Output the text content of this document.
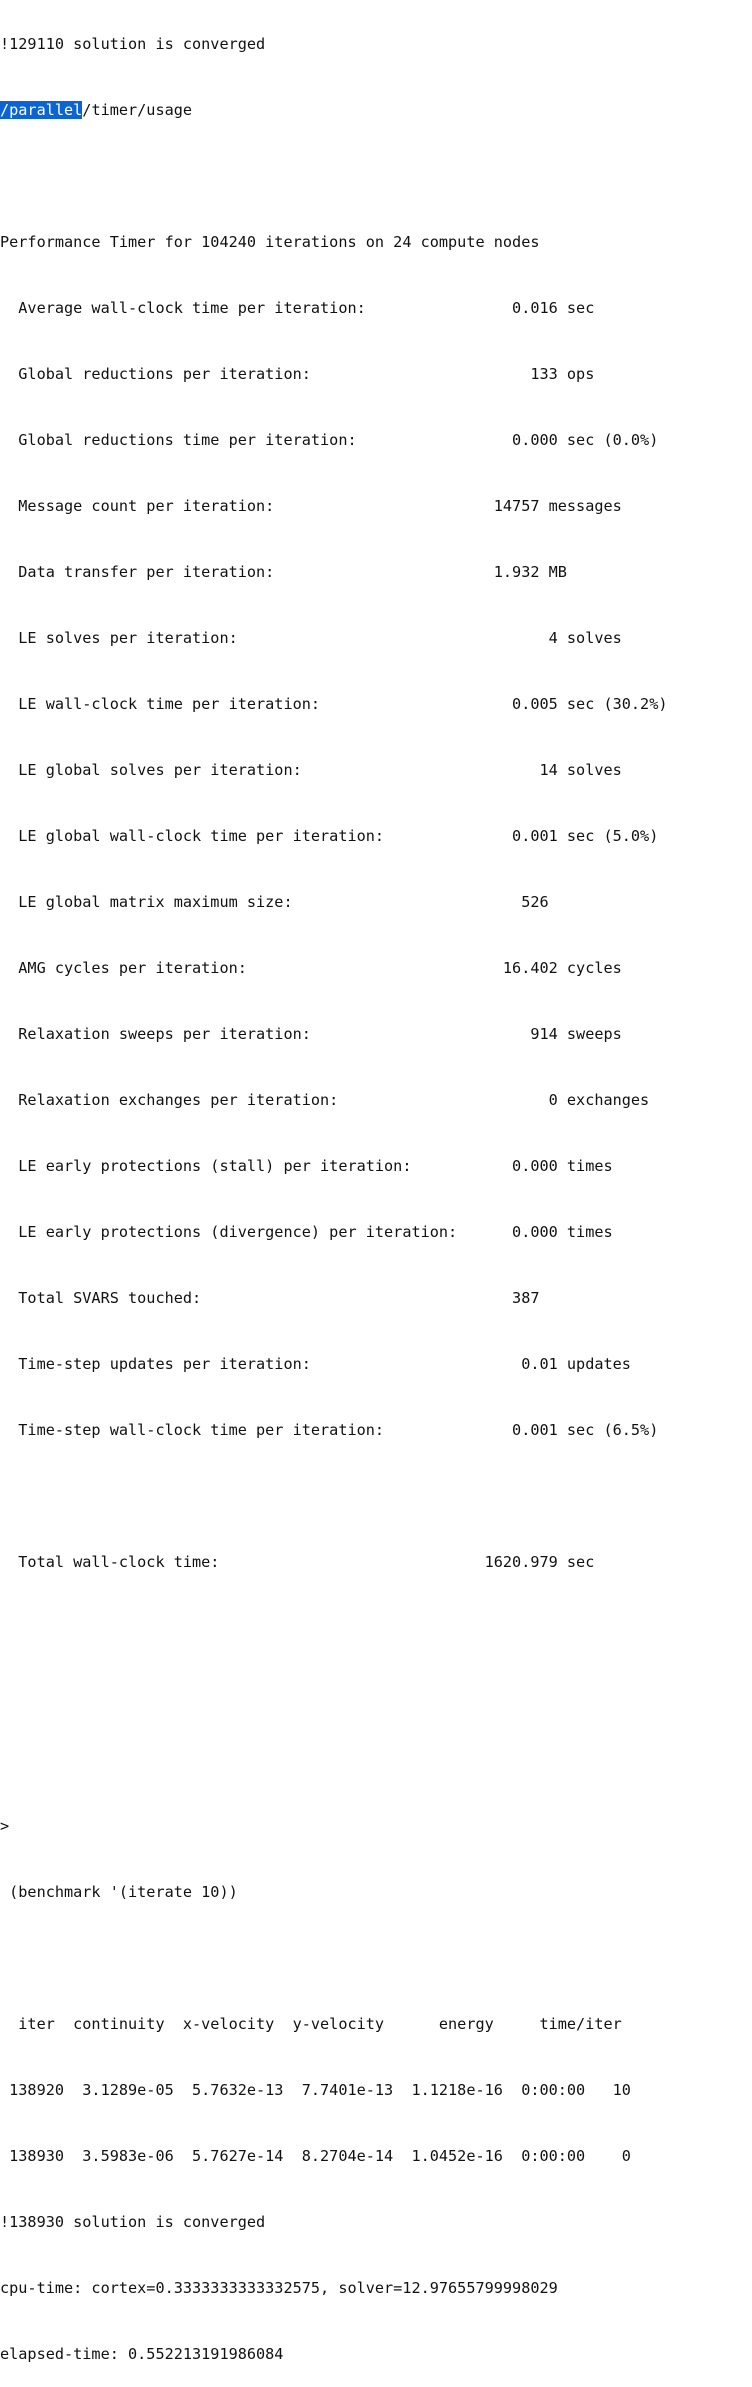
!129110 solution is converged

/parallel/timer/usage

Performance Timer for 104240 iterations on 24 compute nodes

Average wall-clock time per iteration:                0.016 sec

Global reductions per iteration:                        133 ops

Global reductions time per iteration:                 0.000 sec (0.0%)

Message count per iteration:                        14757 messages

Data transfer per iteration:                        1.932 MB

LE solves per iteration:                                  4 solves

LE wall-clock time per iteration:                     0.005 sec (30.2%)

LE global solves per iteration:                          14 solves

LE global wall-clock time per iteration:              0.001 sec (5.0%)

LE global matrix maximum size:                         526

AMG cycles per iteration:                            16.402 cycles

Relaxation sweeps per iteration:                        914 sweeps

Relaxation exchanges per iteration:                       0 exchanges

LE early protections (stall) per iteration:           0.000 times

LE early protections (divergence) per iteration:      0.000 times

Total SVARS touched:                                  387

Time-step updates per iteration:                       0.01 updates

Time-step wall-clock time per iteration:              0.001 sec (6.5%)

Total wall-clock time:                             1620.979 sec

>

(benchmark '(iterate 10))

iter  continuity  x-velocity  y-velocity      energy     time/iter

138920  3.1289e-05  5.7632e-13  7.7401e-13  1.1218e-16  0:00:00   10

138930  3.5983e-06  5.7627e-14  8.2704e-14  1.0452e-16  0:00:00    0

!138930 solution is converged

cpu-time: cortex=0.3333333333332575, solver=12.97655799998029

elapsed-time: 0.552213191986084
